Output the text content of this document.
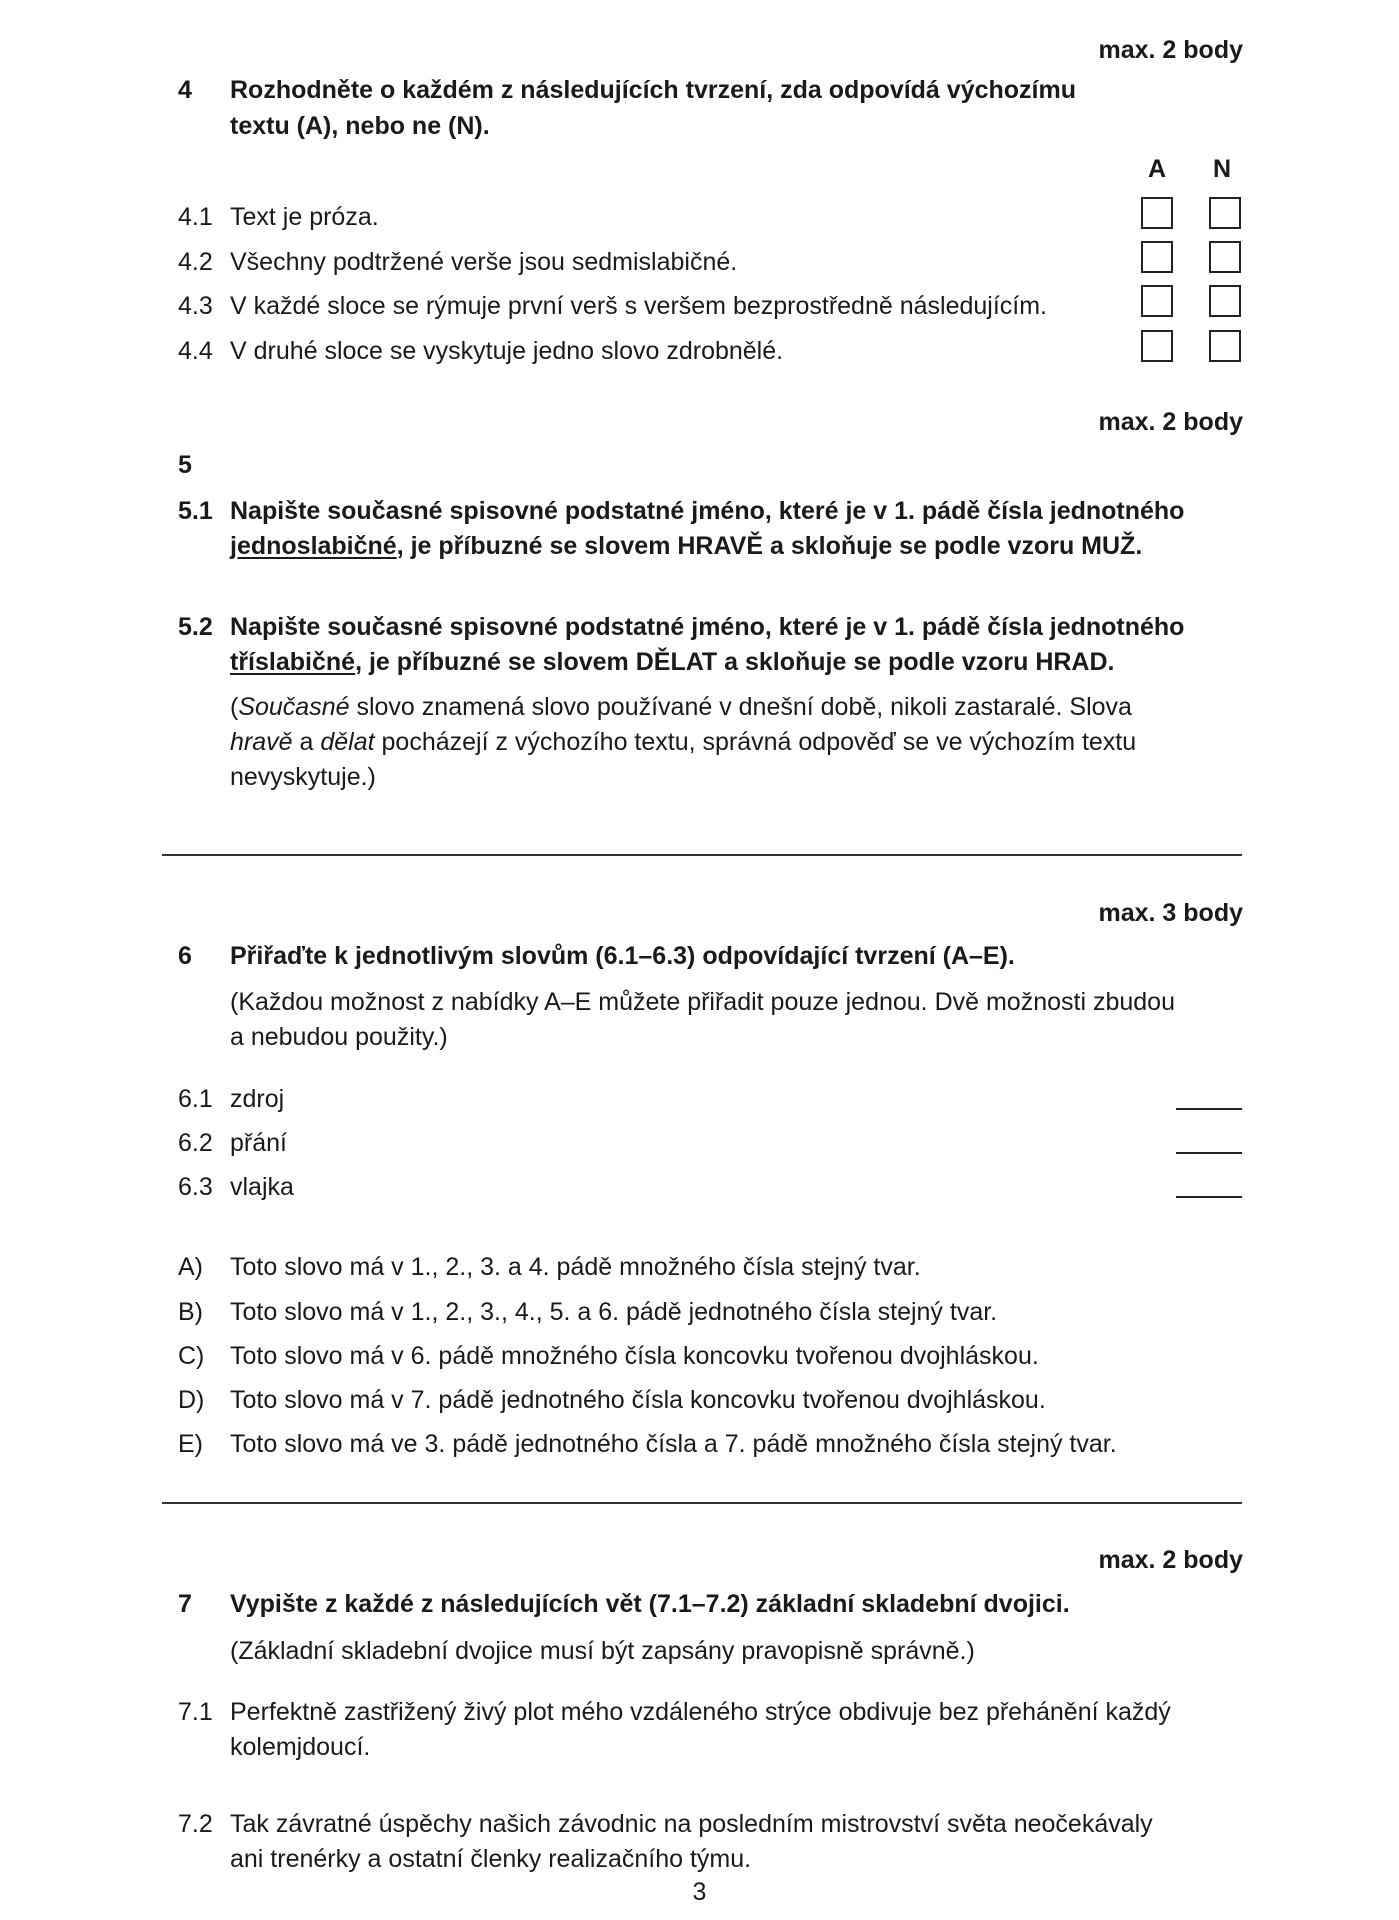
max. 2 body
4 Rozhodněte o každém z následujících tvrzení, zda odpovídá výchozímu
textu (A), nebo ne (N).
A N
4.1 Text je próza.
4.2 Všechny podtržené verše jsou sedmislabičné.
4.3 V každé sloce se rýmuje první verš s veršem bezprostředně následujícím.
4.4 V druhé sloce se vyskytuje jedno slovo zdrobnělé.
max. 2 body
5
5.1 Napište současné spisovné podstatné jméno, které je v 1. pádě čísla jednotného
jednoslabičné, je příbuzné se slovem HRAVĚ a skloňuje se podle vzoru MUŽ.
5.2 Napište současné spisovné podstatné jméno, které je v 1. pádě čísla jednotného
tříslabičné, je příbuzné se slovem DĚLAT a skloňuje se podle vzoru HRAD.
(Současné slovo znamená slovo používané v dnešní době, nikoli zastaralé. Slova
hravě a dělat pocházejí z výchozího textu, správná odpověď se ve výchozím textu
nevyskytuje.)
max. 3 body
6 Přiřaďte k jednotlivým slovům (6.1–6.3) odpovídající tvrzení (A–E).
(Každou možnost z nabídky A–E můžete přiřadit pouze jednou. Dvě možnosti zbudou
a nebudou použity.)
6.1 zdroj
6.2 přání
6.3 vlajka
A) Toto slovo má v 1., 2., 3. a 4. pádě množného čísla stejný tvar.
B) Toto slovo má v 1., 2., 3., 4., 5. a 6. pádě jednotného čísla stejný tvar.
C) Toto slovo má v 6. pádě množného čísla koncovku tvořenou dvojhláskou.
D) Toto slovo má v 7. pádě jednotného čísla koncovku tvořenou dvojhláskou.
E) Toto slovo má ve 3. pádě jednotného čísla a 7. pádě množného čísla stejný tvar.
max. 2 body
7 Vypište z každé z následujících vět (7.1–7.2) základní skladební dvojici.
(Základní skladební dvojice musí být zapsány pravopisně správně.)
7.1 Perfektně zastřižený živý plot mého vzdáleného strýce obdivuje bez přehánění každý
kolemjdoucí.
7.2 Tak závratné úspěchy našich závodnic na posledním mistrovství světa neočekávaly
ani trenérky a ostatní členky realizačního týmu.
3
